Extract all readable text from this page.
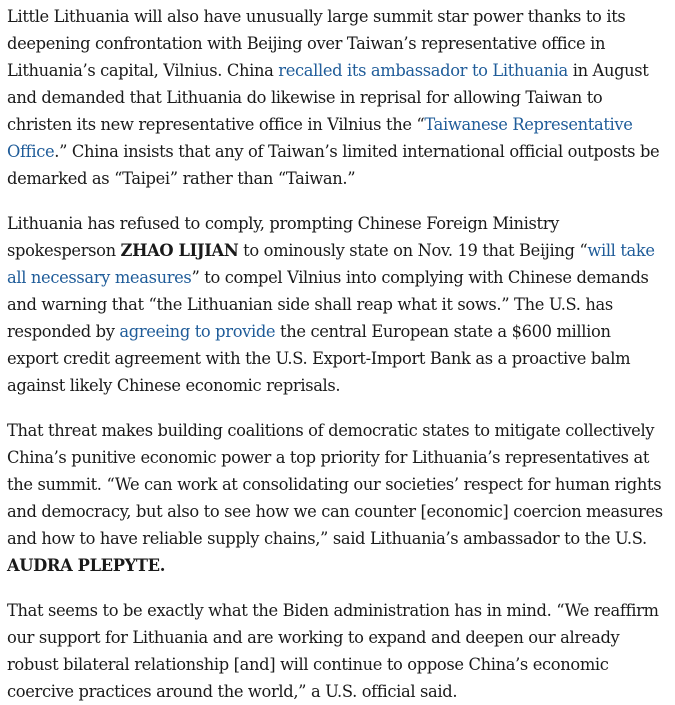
Little Lithuania will also have unusually large summit star power thanks to its deepening confrontation with Beijing over Taiwan’s representative office in Lithuania’s capital, Vilnius. China recalled its ambassador to Lithuania in August and demanded that Lithuania do likewise in reprisal for allowing Taiwan to christen its new representative office in Vilnius the “Taiwanese Representative Office.” China insists that any of Taiwan’s limited international official outposts be demarked as “Taipei” rather than “Taiwan.”

Lithuania has refused to comply, prompting Chinese Foreign Ministry spokesperson ZHAO LIJIAN to ominously state on Nov. 19 that Beijing “will take all necessary measures” to compel Vilnius into complying with Chinese demands and warning that “the Lithuanian side shall reap what it sows.” The U.S. has responded by agreeing to provide the central European state a $600 million export credit agreement with the U.S. Export-Import Bank as a proactive balm against likely Chinese economic reprisals.

That threat makes building coalitions of democratic states to mitigate collectively China’s punitive economic power a top priority for Lithuania’s representatives at the summit. “We can work at consolidating our societies’ respect for human rights and democracy, but also to see how we can counter [economic] coercion measures and how to have reliable supply chains,” said Lithuania’s ambassador to the U.S. AUDRA PLEPYTE.

That seems to be exactly what the Biden administration has in mind. “We reaffirm our support for Lithuania and are working to expand and deepen our already robust bilateral relationship [and] will continue to oppose China’s economic coercive practices around the world,” a U.S. official said.
